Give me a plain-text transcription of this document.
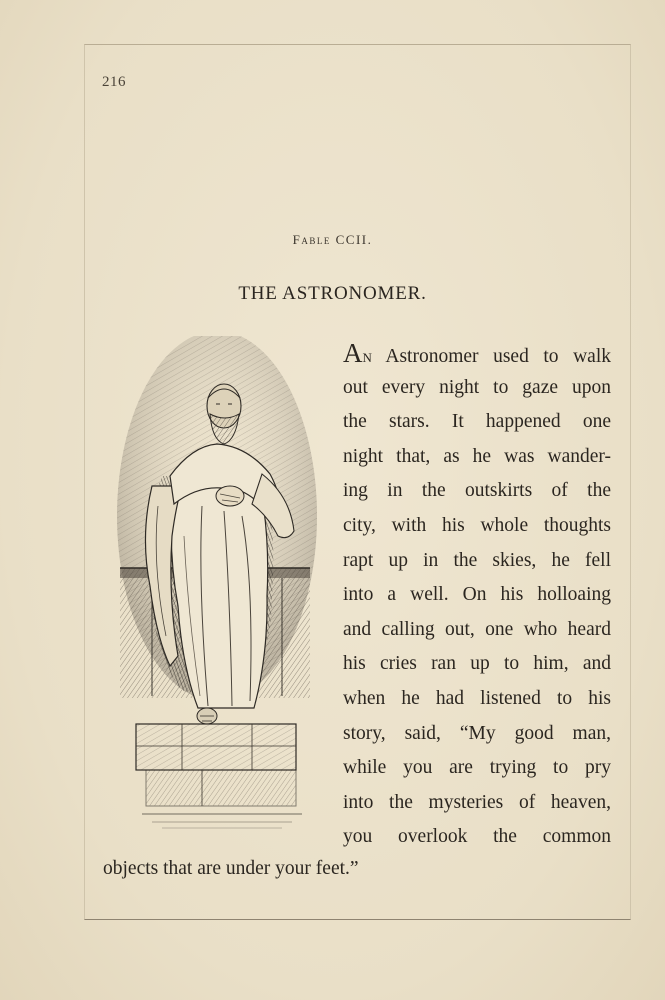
216
Fable CCII.
THE ASTRONOMER.
An Astronomer used to walk
out every night to gaze upon
the stars. It happened one
night that, as he was wander-
ing in the outskirts of the
city, with his whole thoughts
rapt up in the skies, he fell
into a well. On his holloaing
and calling out, one who heard
his cries ran up to him, and
when he had listened to his
story, said, “My good man,
while you are trying to pry
into the mysteries of heaven,
you overlook the common
objects that are under your feet.”
